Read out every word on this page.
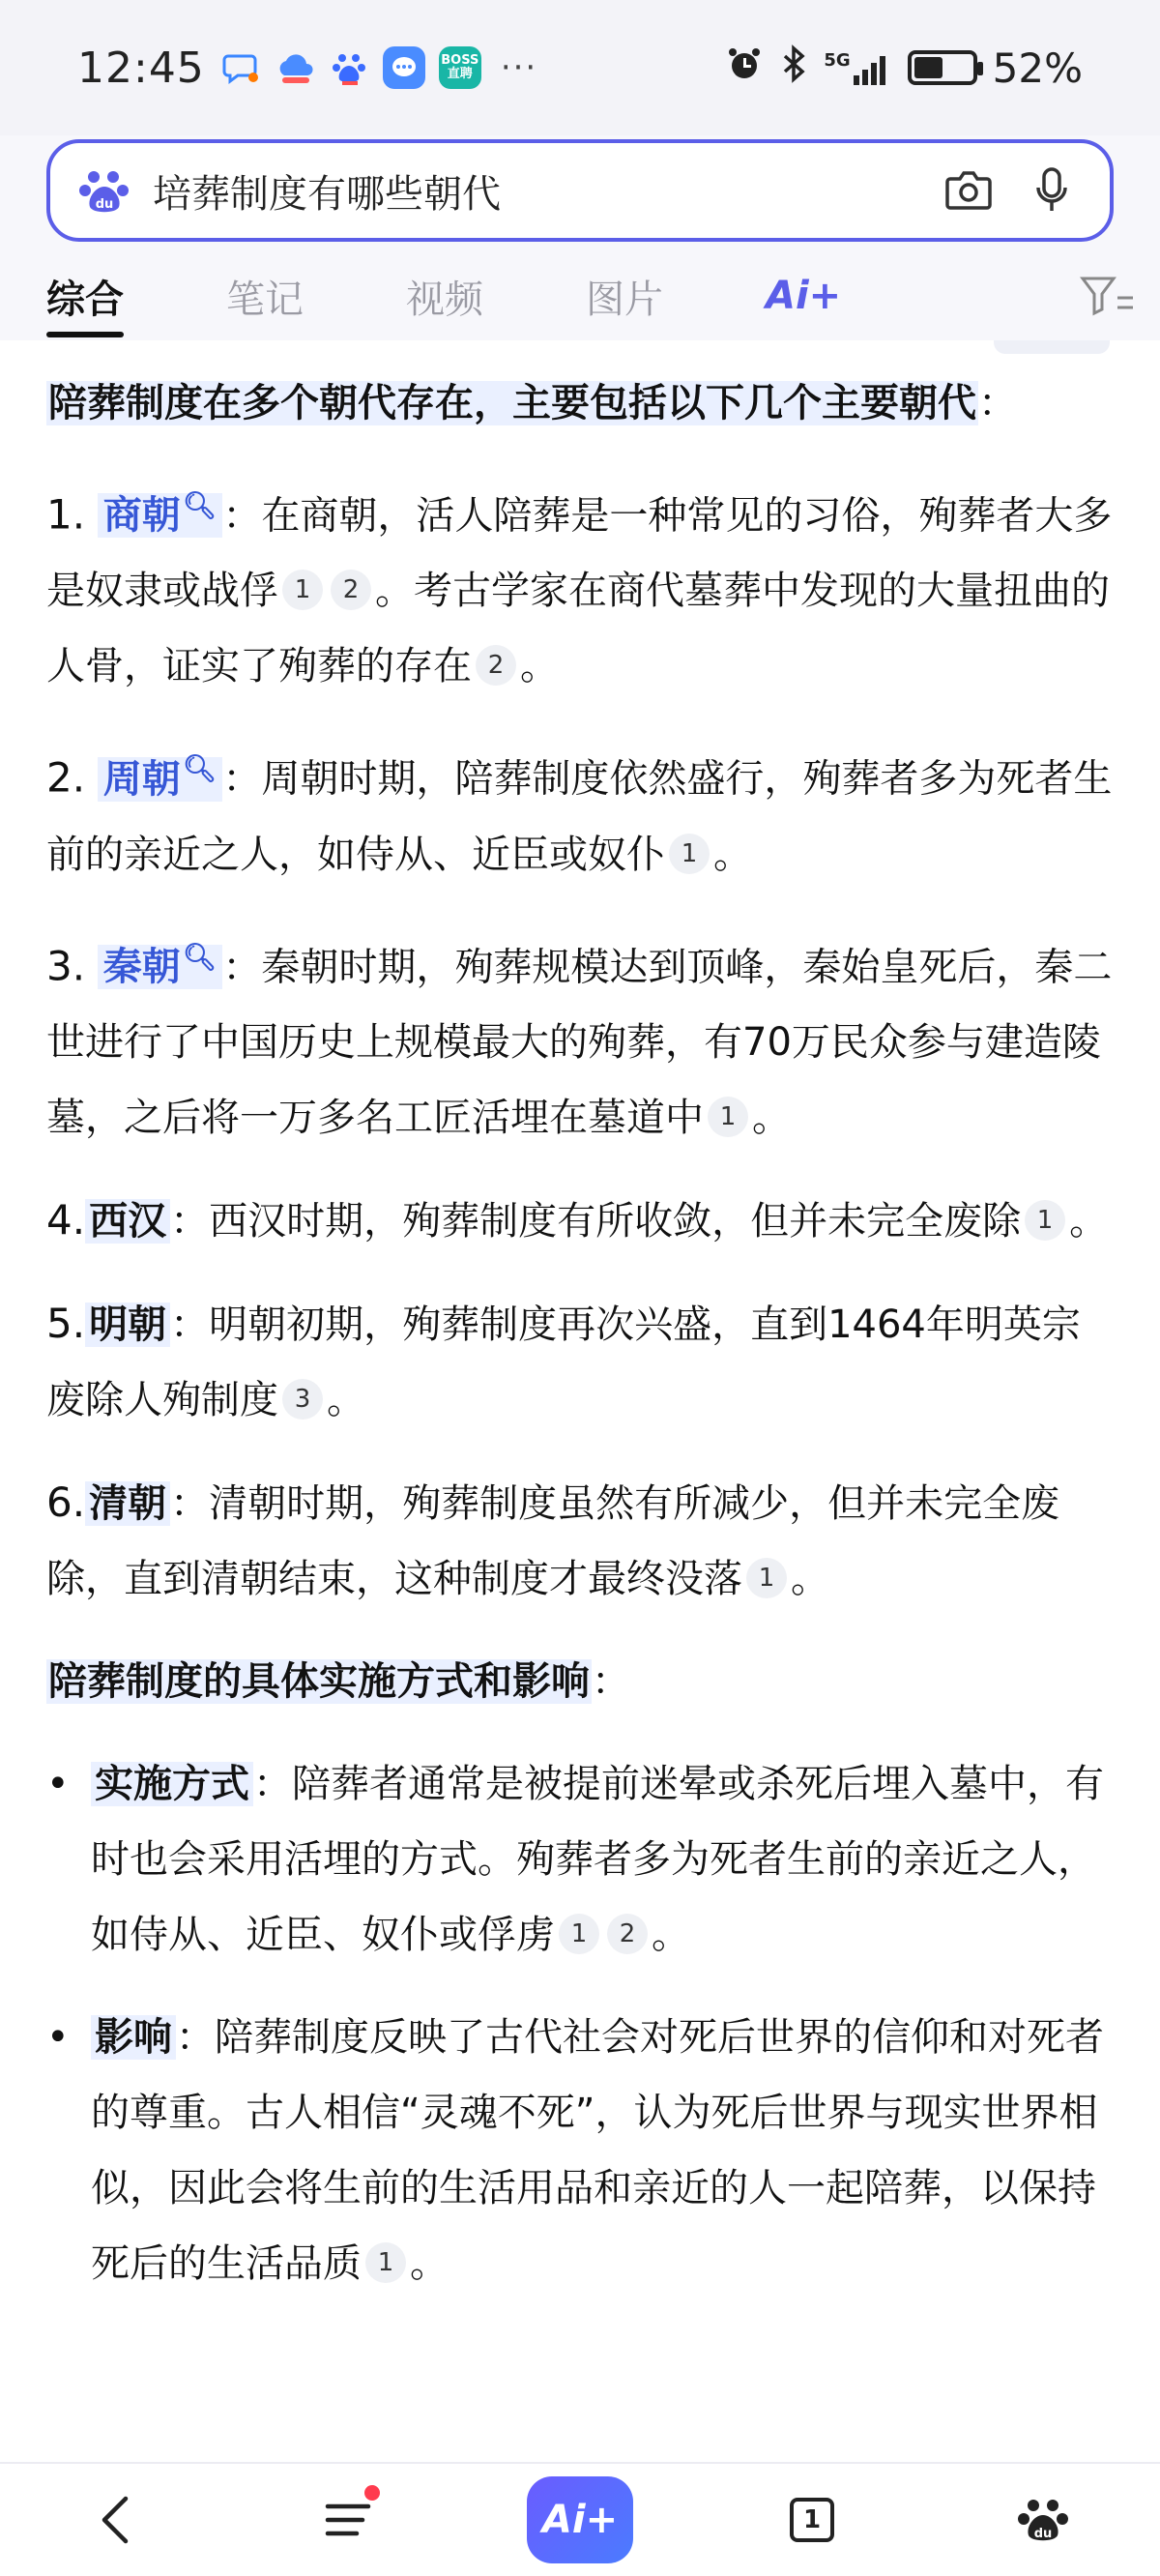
12:45	BOSS
直聘 ···	5G	52%
du 培葬制度有哪些朝代
综合	笔记	视频	图片	Ai+

陪葬制度在多个朝代存在，主要包括以下几个主要朝代：

1. 商朝🔍︎ ：在商朝，活人陪葬是一种常见的习俗，殉葬者大多是奴隶或战俘 1 2 。考古学家在商代墓葬中发现的大量扭曲的人骨，证实了殉葬的存在 2 。

2. 周朝🔍︎ ：周朝时期，陪葬制度依然盛行，殉葬者多为死者生前的亲近之人，如侍从、近臣或奴仆 1 。

3. 秦朝🔍︎ ：秦朝时期，殉葬规模达到顶峰，秦始皇死后，秦二世进行了中国历史上规模最大的殉葬，有70万民众参与建造陵墓，之后将一万多名工匠活埋在墓道中 1 。

4. 西汉 ：西汉时期，殉葬制度有所收敛，但并未完全废除 1 。

5. 明朝 ：明朝初期，殉葬制度再次兴盛，直到1464年明英宗废除人殉制度 3 。

6. 清朝 ：清朝时期，殉葬制度虽然有所减少，但并未完全废除，直到清朝结束，这种制度才最终没落 1 。

陪葬制度的具体实施方式和影响：

• 实施方式 ：陪葬者通常是被提前迷晕或杀死后埋入墓中，有时也会采用活埋的方式。殉葬者多为死者生前的亲近之人，如侍从、近臣、奴仆或俘虏 1 2 。

• 影响 ：陪葬制度反映了古代社会对死后世界的信仰和对死者的尊重。古人相信“灵魂不死”，认为死后世界与现实世界相似，因此会将生前的生活用品和亲近的人一起陪葬，以保持死后的生活品质 1 。

Ai+	1	du
